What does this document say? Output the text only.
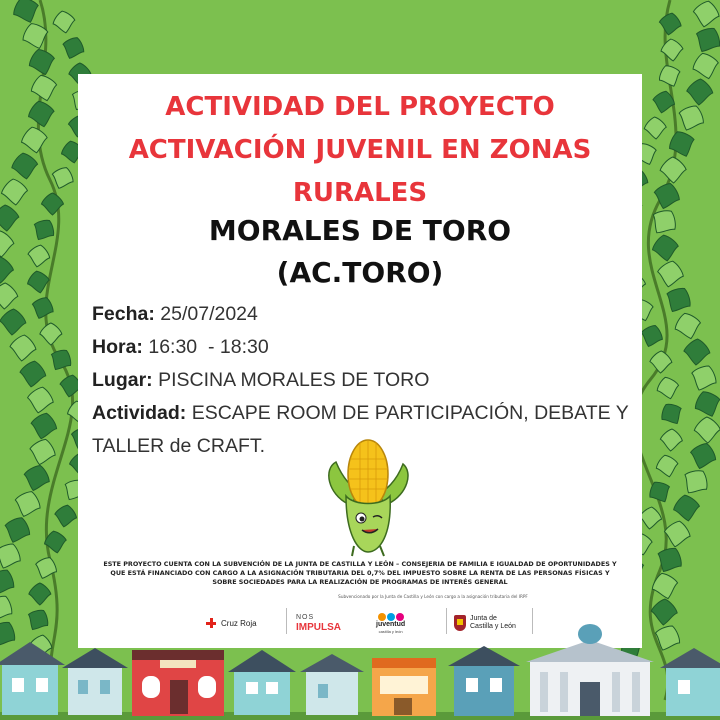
ACTIVIDAD DEL PROYECTO
ACTIVACIÓN JUVENIL EN ZONAS
RURALES
MORALES DE TORO
(AC.TORO)
Fecha: 25/07/2024
Hora: 16:30  - 18:30
Lugar: PISCINA MORALES DE TORO
Actividad: ESCAPE ROOM DE PARTICIPACIÓN, DEBATE Y TALLER de CRAFT.
ESTE PROYECTO CUENTA CON LA SUBVENCIÓN DE LA JUNTA DE CASTILLA Y LEÓN – CONSEJERIA DE FAMILIA E IGUALDAD DE OPORTUNIDADES Y QUE ESTÁ FINANCIADO CON CARGO A LA ASIGNACIÓN TRIBUTARIA DEL 0,7% DEL IMPUESTO SOBRE LA RENTA DE LAS PERSONAS FÍSICAS Y SOBRE SOCIEDADES PARA LA REALIZACIÓN DE PROGRAMAS DE INTERÉS GENERAL
Subvencionado por la Junta de Castilla y León con cargo a la asignación tributaria del IRPF
Cruz Roja
NOS
IMPULSA	juventud
castilla y león
Junta de
Castilla y León
